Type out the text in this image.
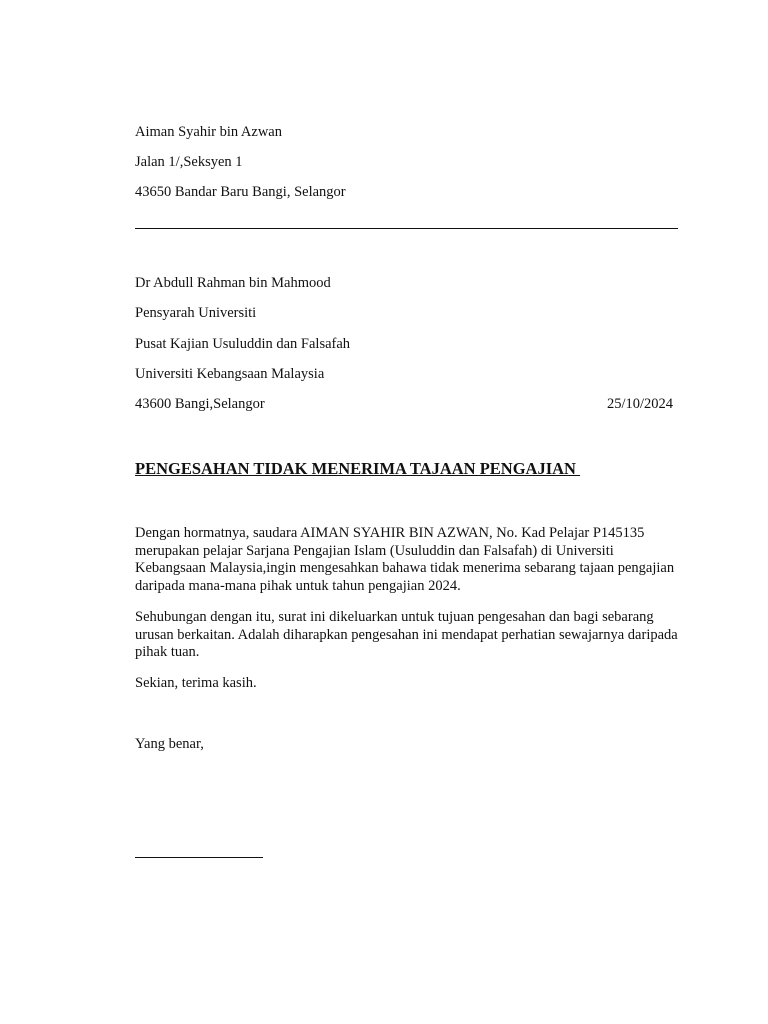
Aiman Syahir bin Azwan
Jalan 1/,Seksyen 1
43650 Bandar Baru Bangi, Selangor
Dr Abdull Rahman bin Mahmood
Pensyarah Universiti
Pusat Kajian Usuluddin dan Falsafah
Universiti Kebangsaan Malaysia
43600 Bangi,Selangor	25/10/2024
PENGESAHAN TIDAK MENERIMA TAJAAN PENGAJIAN

Dengan hormatnya, saudara AIMAN SYAHIR BIN AZWAN, No. Kad Pelajar P145135 merupakan pelajar Sarjana Pengajian Islam (Usuluddin dan Falsafah) di Universiti Kebangsaan Malaysia,ingin mengesahkan bahawa tidak menerima sebarang tajaan pengajian daripada mana-mana pihak untuk tahun pengajian 2024.

Sehubungan dengan itu, surat ini dikeluarkan untuk tujuan pengesahan dan bagi sebarang urusan berkaitan. Adalah diharapkan pengesahan ini mendapat perhatian sewajarnya daripada pihak tuan.

Sekian, terima kasih.

Yang benar,
